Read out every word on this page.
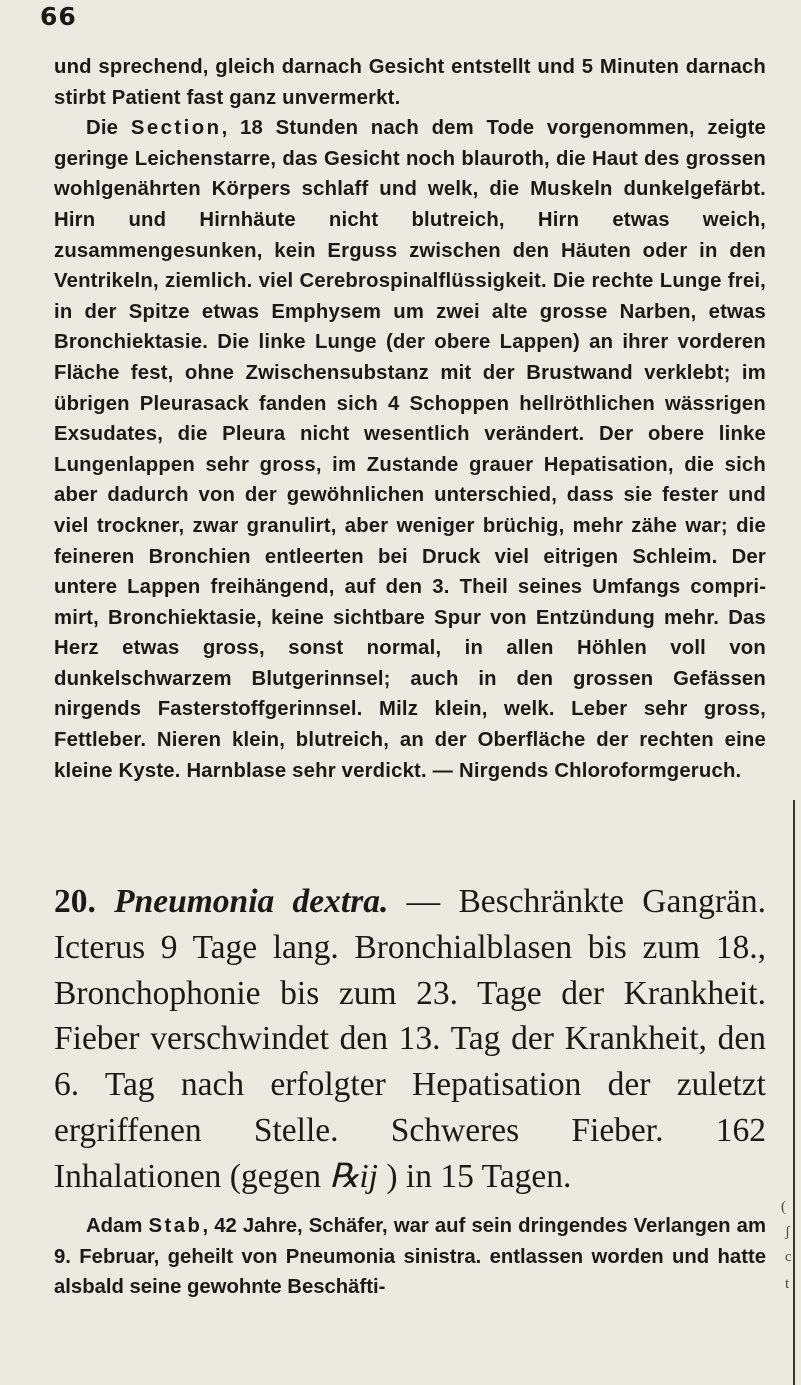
66

und sprechend, gleich darnach Gesicht entstellt und 5 Minuten darnach stirbt Patient fast ganz unvermerkt.

Die Section, 18 Stunden nach dem Tode vorgenommen, zeigte geringe Leichenstarre, das Gesicht noch blauroth, die Haut des grossen wohlgenährten Körpers schlaff und welk, die Muskeln dunkelgefärbt. Hirn und Hirnhäute nicht blutreich, Hirn etwas weich, zusammengesunken, kein Erguss zwischen den Häuten oder in den Ventrikeln, ziemlich. viel Cerebrospinalflüssigkeit. Die rechte Lunge frei, in der Spitze etwas Emphysem um zwei alte grosse Narben, etwas Bronchiektasie. Die linke Lunge (der obere Lappen) an ihrer vorderen Fläche fest, ohne Zwischensubstanz mit der Brustwand verklebt; im übrigen Pleurasack fanden sich 4 Schoppen hellröthlichen wässrigen Exsudates, die Pleura nicht wesentlich verändert. Der obere linke Lungenlappen sehr gross, im Zustande grauer Hepatisation, die sich aber dadurch von der gewöhnlichen unterschied, dass sie fester und viel trockner, zwar granulirt, aber weniger brüchig, mehr zähe war; die feineren Bronchien entleerten bei Druck viel eitrigen Schleim. Der untere Lappen freihängend, auf den 3. Theil seines Umfangs comprimirt, Bronchiektasie, keine sichtbare Spur von Entzündung mehr. Das Herz etwas gross, sonst normal, in allen Höhlen voll von dunkelschwarzem Blutgerinnsel; auch in den grossen Gefässen nirgends Fasterstoffgerinnsel. Milz klein, welk. Leber sehr gross, Fettleber. Nieren klein, blutreich, an der Oberfläche der rechten eine kleine Kyste. Harnblase sehr verdickt. — Nirgends Chloroformgeruch.

20. Pneumonia dextra. — Beschränkte Gangrän. Icterus 9 Tage lang. Bronchialblasen bis zum 18., Bronchophonie bis zum 23. Tage der Krankheit. Fieber verschwindet den 13. Tag der Krankheit, den 6. Tag nach erfolgter Hepatisation der zuletzt ergriffenen Stelle. Schweres Fieber. 162 Inhalationen (gegen ℞ij ) in 15 Tagen.

Adam Stab, 42 Jahre, Schäfer, war auf sein dringendes Verlangen am 9. Februar, geheilt von Pneumonia sinistra. entlassen worden und hatte alsbald seine gewohnte Beschäfti-

(
ʃ
c
t
